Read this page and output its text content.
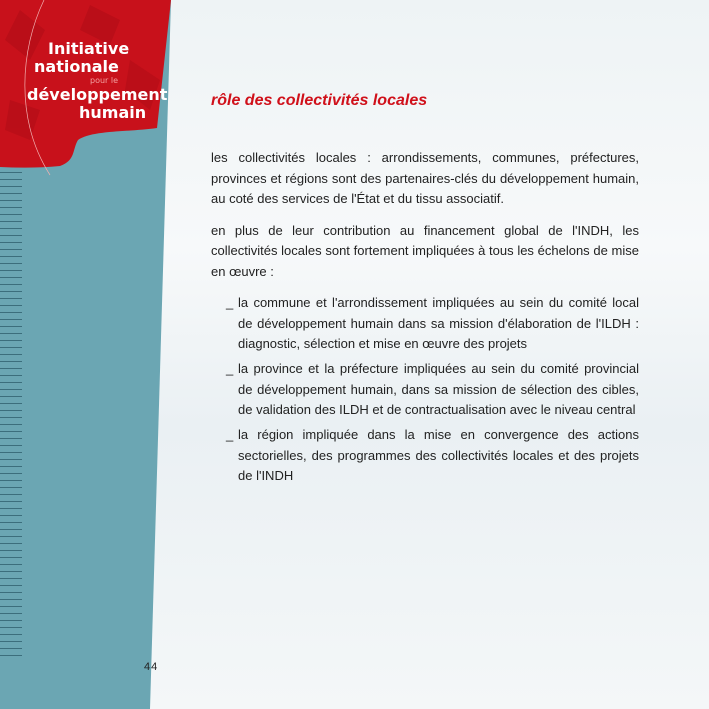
Initiative
nationale
pour le
développement
humain
rôle des collectivités locales
les collectivités locales : arrondissements, communes, préfectures, provinces et régions sont des partenaires-clés du développement humain, au coté des services de l'État et du tissu associatif.
en plus de leur contribution au financement global de l'INDH, les collectivités locales sont fortement impliquées à tous les échelons de mise en œuvre :
_ la commune et l'arrondissement impliquées au sein du comité local de développement humain dans sa mission d'élaboration de l'ILDH : diagnostic, sélection et mise en œuvre des projets
_ la province et la préfecture impliquées au sein du comité provincial de développement humain, dans sa mission de sélection des cibles, de validation des ILDH et de contractualisation avec le niveau central
_ la région impliquée dans la mise en convergence des actions sectorielles, des programmes des collectivités locales et des projets de l'INDH
44
